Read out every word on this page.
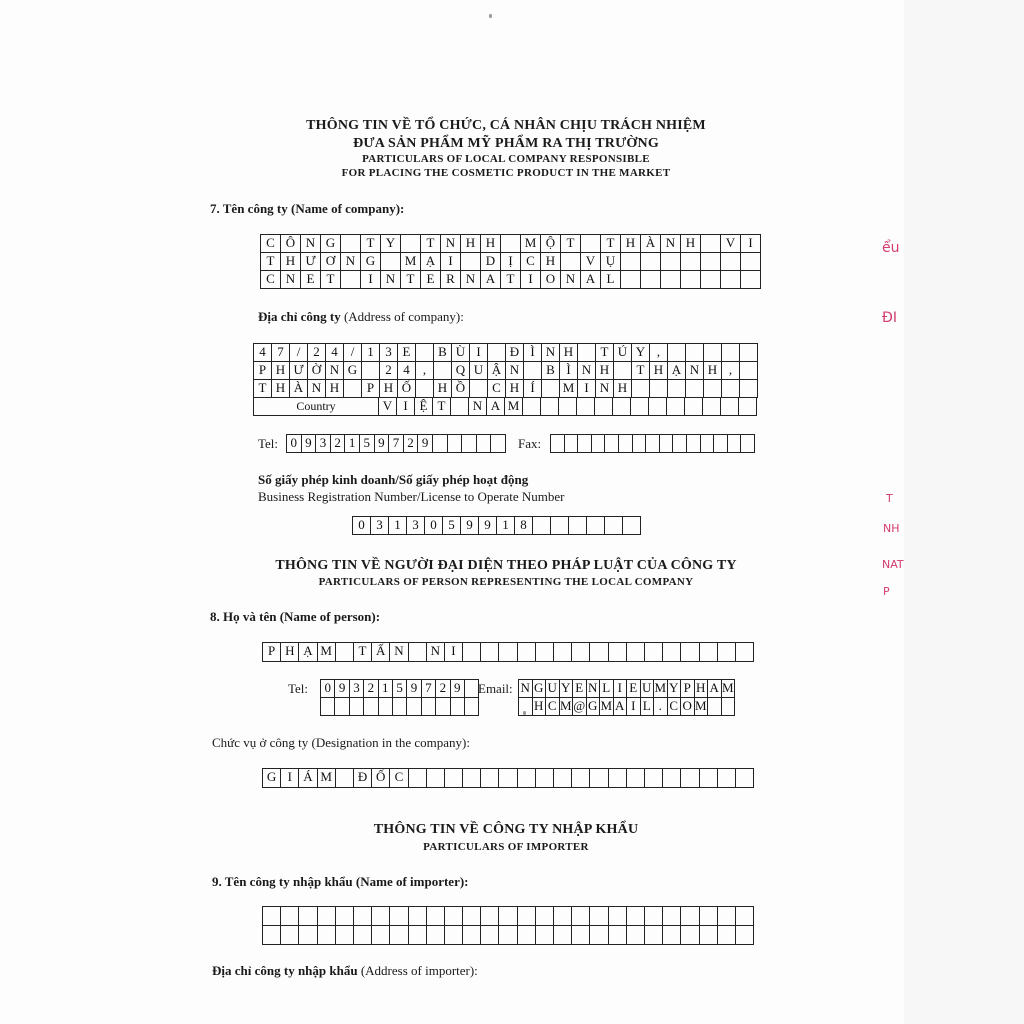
THÔNG TIN VỀ TỔ CHỨC, CÁ NHÂN CHỊU TRÁCH NHIỆM
ĐƯA SẢN PHẨM MỸ PHẨM RA THỊ TRƯỜNG
PARTICULARS OF LOCAL COMPANY RESPONSIBLE
FOR PLACING THE COSMETIC PRODUCT IN THE MARKET
7. Tên công ty (Name of company):
C Ô N G	T Y	T N H H	M Ộ T	T H À N H	V	I
T H Ư Ơ N G	M Ạ	I	D	Ị	C H	V Ụ
C N E T	I	N T E R N A T	I	O N A L
Địa chỉ công ty (Address of company):
4 7 / 2 4 / 1 3 E	B Ù I	Đ Ì N H	T Ú Y ,
P H Ư Ờ N G	2 4	,	Q U Ậ N	B Ì N H	T H Ạ N H ,
T H À N H	P H Ố	H Ồ	C H Í	M I N H
Country	V I Ệ T	N A M
Tel: 0 9 3 2 1 5 9 7 2 9	Fax:
Số giấy phép kinh doanh/Số giấy phép hoạt động
Business Registration Number/License to Operate Number
0 3 1 3 0 5 9 9 1 8
THÔNG TIN VỀ NGƯỜI ĐẠI DIỆN THEO PHÁP LUẬT CỦA CÔNG TY
PARTICULARS OF PERSON REPRESENTING THE LOCAL COMPANY
8. Họ và tên (Name of person):
P H Ạ M	T Ấ N	N I
Tel: 0 9 3 2 1 5 9 7 2 9	Email: N G U Y E N L I E U M Y P H A M
H C M @ G M A I L . C O M
Chức vụ ở công ty (Designation in the company):
G I Á M Đ Ố C
THÔNG TIN VỀ CÔNG TY NHẬP KHẨU
PARTICULARS OF IMPORTER
9. Tên công ty nhập khẩu (Name of importer):
Địa chỉ công ty nhập khẩu (Address of importer):
ểu
ĐI
T
NH
NAT
P
